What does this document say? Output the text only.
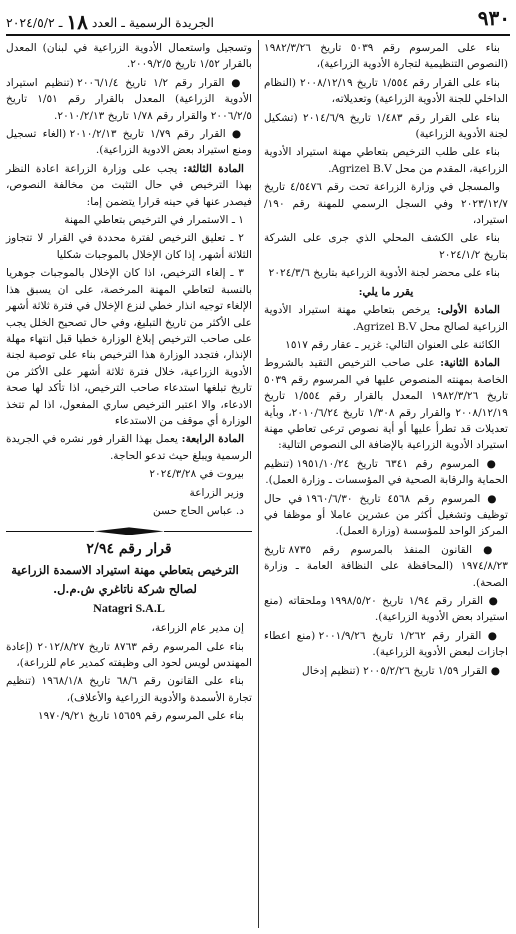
٩٣٠
الجريدة الرسمية ـ العدد ١٨ ـ ٢٠٢٤/٥/٢

بناء على المرسوم رقم ٥٠٣٩ تاريخ ١٩٨٢/٣/٢٦ (النصوص التنظيمية لتجارة الأدوية الزراعية)،

بناء على القرار رقم ١/٥٥٤ تاريخ ٢٠٠٨/١٢/١٩ (النظام الداخلي للجنة الأدوية الزراعية) وتعديلاته،

بناء على القرار رقم ١/٤٨٣ تاريخ ٢٠١٤/٦/٩ (تشكيل لجنة الأدوية الزراعية)

بناء على طلب الترخيص بتعاطي مهنة استيراد الأدوية الزراعية، المقدم من محل Agrizel B.V.

والمسجل في وزارة الزراعة تحت رقم ٤/٥٤٧٦ تاريخ ٢٠٢٣/١٢/٧ وفي السجل الرسمي للمهنة رقم ١٩٠/ استيراد،

بناء على الكشف المحلي الذي جرى على الشركة بتاريخ ٢٠٢٤/١/٢

بناء على محضر لجنة الأدوية الزراعية بتاريخ ٢٠٢٤/٣/٦

يقرر ما يلي:

المادة الأولى: يرخص بتعاطي مهنة استيراد الأدوية الزراعية لصالح محل Agrizel B.V.

الكائنة على العنوان التالي: غزير ـ عقار رقم ١٥١٧

المادة الثانية: على صاحب الترخيص التقيد بالشروط الخاصة بمهنته المنصوص عليها في المرسوم رقم ٥٠٣٩ تاريخ ١٩٨٢/٣/٢٦ المعدل بالقرار رقم ١/٥٥٤ تاريخ ٢٠٠٨/١٢/١٩ والقرار رقم ١/٣٠٨ تاريخ ٢٠١٠/٦/٢٤، وبأية تعديلات قد تطرأ عليها أو أية نصوص ترعى تعاطي مهنة استيراد الأدوية الزراعية بالإضافة الى النصوص التالية:

● المرسوم رقم ٦٣٤١ تاريخ ١٩٥١/١٠/٢٤ (تنظيم الحماية والرقابة الصحية في المؤسسات ـ وزارة العمل).

● المرسوم رقم ٤٥٦٨ تاريخ ١٩٦٠/٦/٣٠ في حال توظيف وتشغيل أكثر من عشرين عاملا أو موظفا في المركز الواحد للمؤسسة (وزارة العمل).

● القانون المنفذ بالمرسوم رقم ٨٧٣٥ تاريخ ١٩٧٤/٨/٢٣ (المحافظة على النظافة العامة ـ وزارة الصحة).

● القرار رقم ١/٩٤ تاريخ ١٩٩٨/٥/٢٠ وملحقاته (منع استيراد بعض الأدوية الزراعية).

● القرار رقم ١/٢٦٢ تاريخ ٢٠٠١/٩/٢٦ (منع اعطاء اجازات لبعض الأدوية الزراعية).

● القرار ١/٥٩ تاريخ ٢٠٠٥/٢/٢٦ (تنظيم إدخال

وتسجيل واستعمال الأدوية الزراعية في لبنان) المعدل بالقرار ١/٥٢ تاريخ ٢٠٠٩/٢/٥.

● القرار رقم ١/٢ تاريخ ٢٠٠٦/١/٤ (تنظيم استيراد الأدوية الزراعية) المعدل بالقرار رقم ١/٥١ تاريخ ٢٠٠٦/٢/٥ والقرار رقم ١/٧٨ تاريخ ٢٠١٠/٢/١٣.

● القرار رقم ١/٧٩ تاريخ ٢٠١٠/٢/١٣ (الغاء تسجيل ومنع استيراد بعض الادوية الزراعية).

المادة الثالثة: يجب على وزارة الزراعة اعادة النظر بهذا الترخيص في حال التثبت من مخالفة النصوص، فيصدر عنها في حينه قرارا يتضمن إما:

١ ـ الاستمرار في الترخيص بتعاطي المهنة

٢ ـ تعليق الترخيص لفترة محددة في القرار لا تتجاوز الثلاثة أشهر، إذا كان الإخلال بالموجبات شكليا

٣ ـ إلغاء الترخيص، اذا كان الإخلال بالموجبات جوهريا بالنسبة لتعاطي المهنة المرخصة، على ان يسبق هذا الإلغاء توجيه انذار خطي لنزع الإخلال في فترة ثلاثة أشهر على الأكثر من تاريخ التبليغ، وفي حال تصحيح الخلل يجب على صاحب الترخيص إبلاغ الوزارة خطيا قبل انتهاء مهلة الإنذار، فتجدد الوزارة هذا الترخيص بناء على توصية لجنة الأدوية الزراعية، خلال فترة ثلاثة أشهر على الأكثر من تاريخ تبلغها استدعاء صاحب الترخيص، اذا تأكد لها صحة الادعاء، والا اعتبر الترخيص ساري المفعول، اذا لم تتخذ الوزارة أي موقف من الاستدعاء

المادة الرابعة: يعمل بهذا القرار فور نشره في الجريدة الرسمية ويبلغ حيث تدعو الحاجة.

بيروت في ٢٠٢٤/٣/٢٨

وزير الزراعة

د. عباس الحاج حسن

قرار رقم ٢/٩٤

الترخيص بتعاطي مهنة استيراد الاسمدة الزراعية

لصالح شركة ناتاغري ش.م.ل.

Natagri S.A.L

إن مدير عام الزراعة،

بناء على المرسوم رقم ٨٧٦٣ تاريخ ٢٠١٢/٨/٢٧ (إعادة المهندس لويس لحود الى وظيفته كمدير عام للزراعة)،

بناء على القانون رقم ٦٨/٦ تاريخ ١٩٦٨/١/٨ (تنظيم تجارة الأسمدة والأدوية الزراعية والأعلاف)،

بناء على المرسوم رقم ١٥٦٥٩ تاريخ ١٩٧٠/٩/٢١
